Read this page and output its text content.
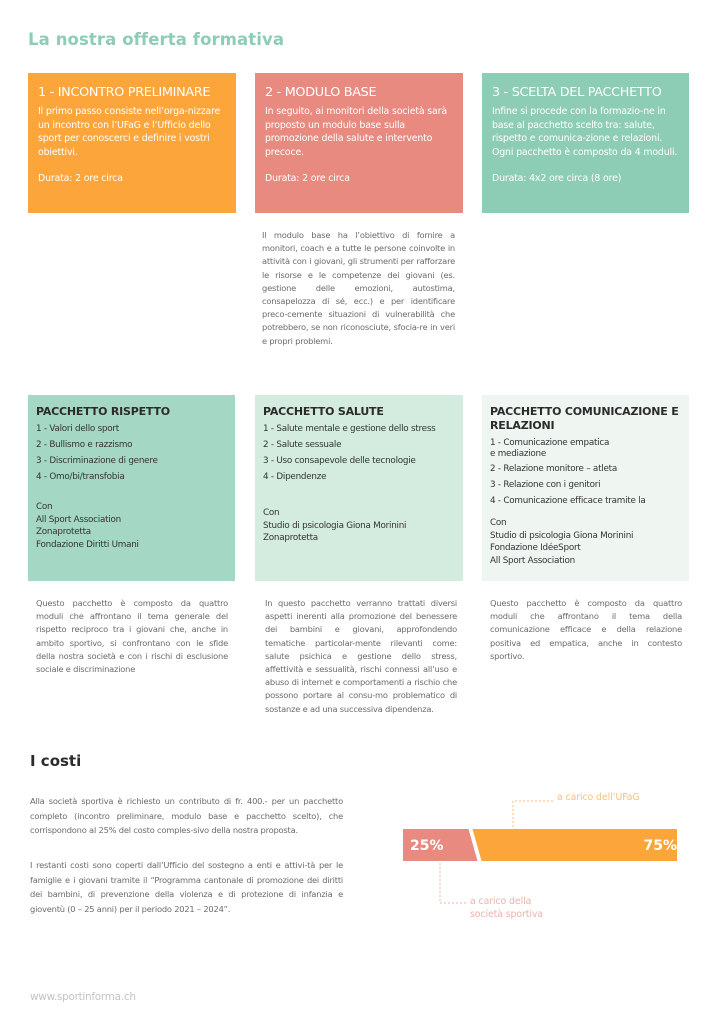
La nostra offerta formativa
1 - INCONTRO PRELIMINARE
Il primo passo consiste nell’orga-nizzare un incontro con l’UFaG e l’Ufficio dello sport per conoscerci e definire i vostri obiettivi.
Durata: 2 ore circa
2 - MODULO BASE
In seguito, ai monitori della società sarà proposto un modulo base sulla promozione della salute e intervento precoce.
Durata: 2 ore circa
3 - SCELTA DEL PACCHETTO
Infine si procede con la formazio-ne in base al pacchetto scelto tra: salute, rispetto e comunica-zione e relazioni. Ogni pacchetto è composto da 4 moduli.
Durata: 4x2 ore circa (8 ore)
Il modulo base ha l’obiettivo di fornire a monitori, coach e a tutte le persone coinvolte in attività con i giovani, gli strumenti per rafforzare le risorse e le competenze dei giovani (es. gestione delle emozioni, autostima, consapelozza di sé, ecc.) e per identificare preco-cemente situazioni di vulnerabilità che potrebbero, se non riconosciute, sfocia-re in veri e propri problemi.
PACCHETTO RISPETTO
1 - Valori dello sport
2 - Bullismo e razzismo
3 - Discriminazione di genere
4 - Omo/bi/transfobia
Con
All Sport Association
Zonaprotetta
Fondazione Diritti Umani
PACCHETTO SALUTE
1 - Salute mentale e gestione dello stress
2 - Salute sessuale
3 - Uso consapevole delle tecnologie
4 - Dipendenze
Con
Studio di psicologia Giona Morinini
Zonaprotetta
PACCHETTO COMUNICAZIONE E RELAZIONI
1 - Comunicazione empatica e mediazione
2 - Relazione monitore – atleta
3 - Relazione con i genitori
4 - Comunicazione efficace tramite la
Con
Studio di psicologia Giona Morinini
Fondazione IdéeSport
All Sport Association
Questo pacchetto è composto da quattro moduli che affrontano il tema generale del rispetto reciproco tra i giovani che, anche in ambito sportivo, si confrontano con le sfide della nostra società e con i rischi di esclusione sociale e discriminazione
In questo pacchetto verranno trattati diversi aspetti inerenti alla promozione del benessere dei bambini e giovani, approfondendo tematiche particolar-mente rilevanti come: salute psichica e gestione dello stress, affettività e sessualità, rischi connessi all’uso e abuso di internet e comportamenti a rischio che possono portare al consu-mo problematico di sostanze e ad una successiva dipendenza.
Questo pacchetto è composto da quattro moduli che affrontano il tema della comunicazione efficace e della relazione positiva ed empatica, anche in contesto sportivo.
I costi
Alla società sportiva è richiesto un contributo di fr. 400.- per un pacchetto completo (incontro preliminare, modulo base e pacchetto scelto), che corrispondono al 25% del costo comples-sivo della nostra proposta.
I restanti costi sono coperti dall’Ufficio del sostegno a enti e attivi-tà per le famiglie e i giovani tramite il “Programma cantonale di promozione dei diritti dei bambini, di prevenzione della violenza e di protezione di infanzia e gioventù (0 – 25 anni) per il periodo 2021 – 2024”.
25%	75%
a carico dell’UFaG
a carico della società sportiva
www.sportinforma.ch
